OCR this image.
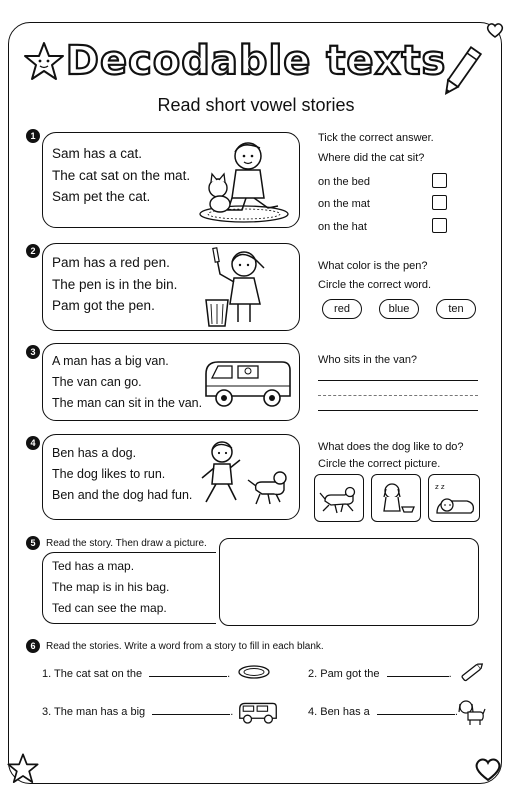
Decodable texts
Read short vowel stories
1
Sam has a cat.
The cat sat on the mat.
Sam pet the cat.
Tick the correct answer.
Where did the cat sit?
on the bed
on the mat
on the hat
2
Pam has a red pen.
The pen is in the bin.
Pam got the pen.
What color is the pen?
Circle the correct word.
red	blue	ten
3
A man has a big van.
The van can go.
The man can sit in the van.
Who sits in the van?
4
Ben has a dog.
The dog likes to run.
Ben and the dog had fun.
What does the dog like to do?
Circle the correct picture.
z z
5	Read the story. Then draw a picture.
Ted has a map.
The map is in his bag.
Ted can see the map.
6	Read the stories. Write a word from a story to fill in each blank.
1. The cat sat on the	.	2. Pam got the	.
3. The man has a big	.	4. Ben has a	.
